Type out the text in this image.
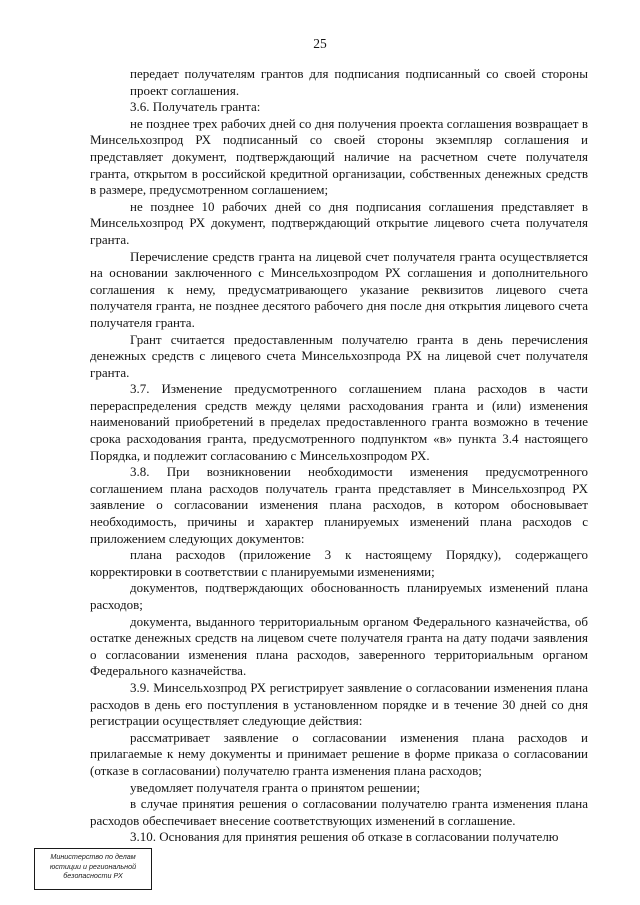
25

передает получателям грантов для подписания подписанный со своей стороны проект соглашения.

3.6. Получатель гранта:

не позднее трех рабочих дней со дня получения проекта соглашения возвращает в Минсельхозпрод РХ подписанный со своей стороны экземпляр соглашения и представляет документ, подтверждающий наличие на расчетном счете получателя гранта, открытом в российской кредитной организации, собственных денежных средств в размере, предусмотренном соглашением;

не позднее 10 рабочих дней со дня подписания соглашения представляет в Минсельхозпрод РХ документ, подтверждающий открытие лицевого счета получателя гранта.

Перечисление средств гранта на лицевой счет получателя гранта осуществляется на основании заключенного с Минсельхозпродом РХ соглашения и дополнительного соглашения к нему, предусматривающего указание реквизитов лицевого счета получателя гранта, не позднее десятого рабочего дня после дня открытия лицевого счета получателя гранта.

Грант считается предоставленным получателю гранта в день перечисления денежных средств с лицевого счета Минсельхозпрода РХ на лицевой счет получателя гранта.

3.7. Изменение предусмотренного соглашением плана расходов в части перераспределения средств между целями расходования гранта и (или) изменения наименований приобретений в пределах предоставленного гранта возможно в течение срока расходования гранта, предусмотренного подпунктом «в» пункта 3.4 настоящего Порядка, и подлежит согласованию с Минсельхозпродом РХ.

3.8. При возникновении необходимости изменения предусмотренного соглашением плана расходов получатель гранта представляет в Минсельхозпрод РХ заявление о согласовании изменения плана расходов, в котором обосновывает необходимость, причины и характер планируемых изменений плана расходов с приложением следующих документов:

плана расходов (приложение 3 к настоящему Порядку), содержащего корректировки в соответствии с планируемыми изменениями;

документов, подтверждающих обоснованность планируемых изменений плана расходов;

документа, выданного территориальным органом Федерального казначейства, об остатке денежных средств на лицевом счете получателя гранта на дату подачи заявления о согласовании изменения плана расходов, заверенного территориальным органом Федерального казначейства.

3.9. Минсельхозпрод РХ регистрирует заявление о согласовании изменения плана расходов в день его поступления в установленном порядке и в течение 30 дней со дня регистрации осуществляет следующие действия:

рассматривает заявление о согласовании изменения плана расходов и прилагаемые к нему документы и принимает решение в форме приказа о согласовании (отказе в согласовании) получателю гранта изменения плана расходов;

уведомляет получателя гранта о принятом решении;

в случае принятия решения о согласовании получателю гранта изменения плана расходов обеспечивает внесение соответствующих изменений в соглашение.

3.10. Основания для принятия решения об отказе в согласовании получателю

Министерство по делам
юстиции и региональной
безопасности РХ
